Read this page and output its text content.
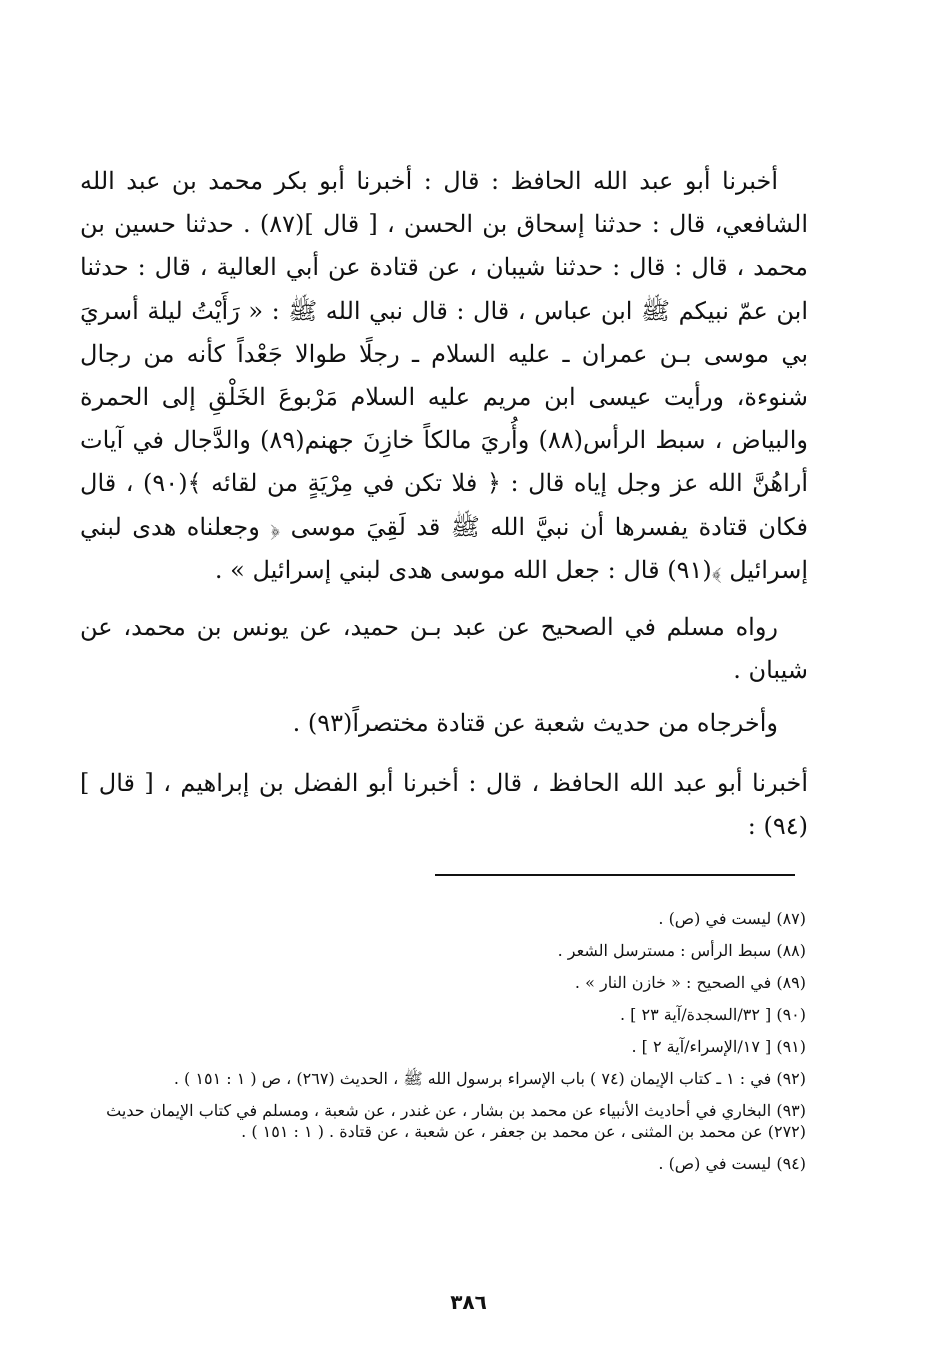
أخبرنا أبو عبد الله الحافظ : قال : أخبرنا أبو بكر محمد بن عبد الله الشافعي، قال : حدثنا إسحاق بن الحسن ، [ قال ](٨٧) . حدثنا حسين بن محمد ، قال : قال : حدثنا شيبان ، عن قتادة عن أبي العالية ، قال : حدثنا ابن عمّ نبيكم ﷺ ابن عباس ، قال : قال نبي الله ﷺ : « رَأَيْتُ ليلة أسريَ بي موسى بـن عمران ـ عليه السلام ـ رجلًا طوالا جَعْداً كأنه من رجال شنوءة، ورأيت عيسى ابن مريم عليه السلام مَرْبوعَ الخَلْقِ إلى الحمرة والبياض ، سبط الرأس(٨٨) وأُريَ مالكاً خازِنَ جهنم(٨٩) والدَّجال في آيات أراهُنَّ الله عز وجل إياه قال : ﴿ فلا تكن في مِرْيَةٍ من لقائه ﴾(٩٠) ، قال فكان قتادة يفسرها أن نبيَّ الله ﷺ قد لَقِيَ موسى ﴿ وجعلناه هدى لبني إسرائيل ﴾(٩١) قال : جعل الله موسى هدى لبني إسرائيل » .

رواه مسلم في الصحيح عن عبد بـن حميد، عن يونس بن محمد، عن شيبان .

وأخرجاه من حديث شعبة عن قتادة مختصراً(٩٣) .

أخبرنا أبو عبد الله الحافظ ، قال : أخبرنا أبو الفضل بن إبراهيم ، [ قال ](٩٤) :

(٨٧) ليست في (ص) .

(٨٨) سبط الرأس : مسترسل الشعر .

(٨٩) في الصحيح : « خازن النار » .

(٩٠) [ ٣٢/السجدة/آية ٢٣ ] .

(٩١) [ ١٧/الإسراء/آية ٢ ] .

(٩٢) في : ١ ـ كتاب الإيمان (٧٤ ) باب الإسراء برسول الله ﷺ ، الحديث (٢٦٧) ، ص ( ١ : ١٥١ ) .

(٩٣) البخاري في أحاديث الأنبياء عن محمد بن بشار ، عن غندر ، عن شعبة ، ومسلم في كتاب الإيمان حديث (٢٧٢) عن محمد بن المثنى ، عن محمد بن جعفر ، عن شعبة ، عن قتادة . ( ١ : ١٥١ ) .

(٩٤) ليست في (ص) .

٣٨٦
